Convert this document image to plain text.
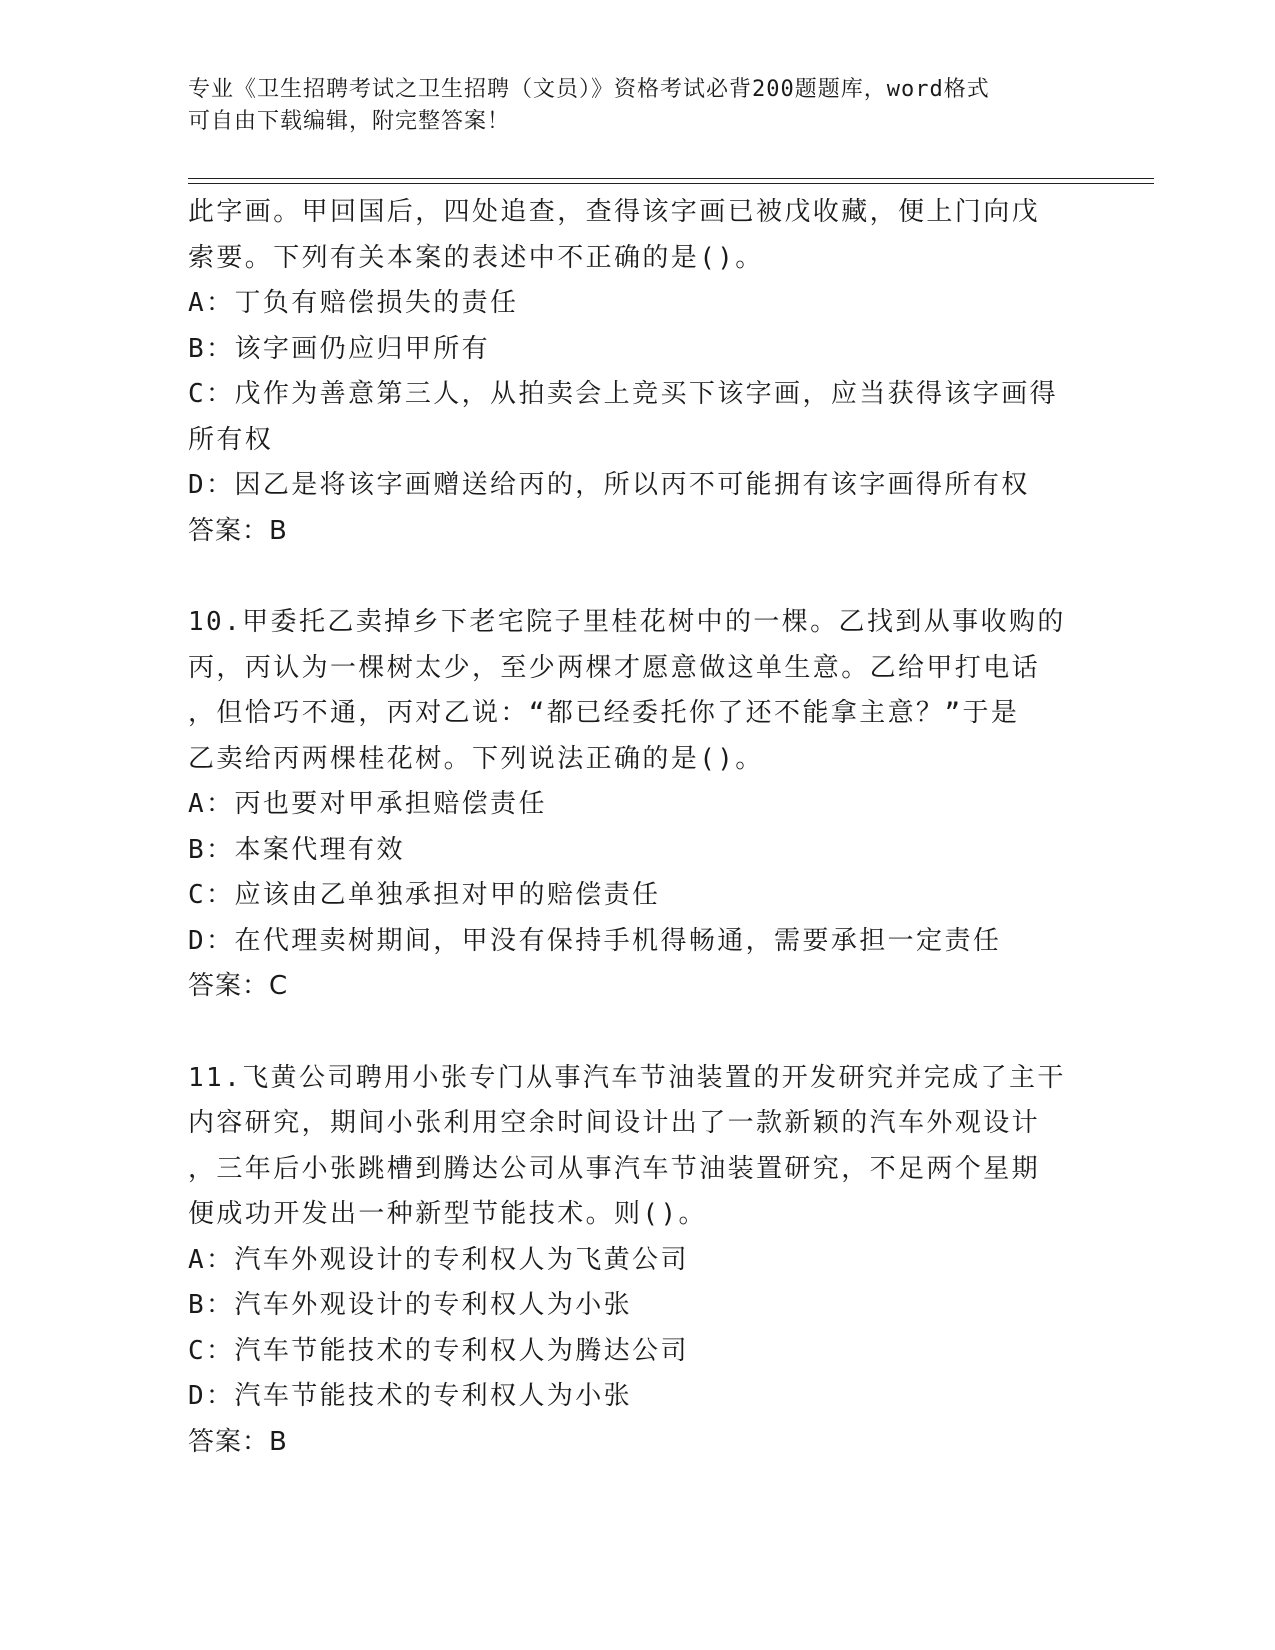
专业《卫生招聘考试之卫生招聘（文员）》资格考试必背200题题库，word格式
可自由下载编辑，附完整答案！
此字画。甲回国后，四处追查，查得该字画已被戊收藏，便上门向戊
索要。下列有关本案的表述中不正确的是()。
A：丁负有赔偿损失的责任
B：该字画仍应归甲所有
C：戊作为善意第三人，从拍卖会上竞买下该字画，应当获得该字画得
所有权
D：因乙是将该字画赠送给丙的，所以丙不可能拥有该字画得所有权
答案：B
10.甲委托乙卖掉乡下老宅院子里桂花树中的一棵。乙找到从事收购的
丙，丙认为一棵树太少，至少两棵才愿意做这单生意。乙给甲打电话
，但恰巧不通，丙对乙说：“都已经委托你了还不能拿主意？”于是
乙卖给丙两棵桂花树。下列说法正确的是()。
A：丙也要对甲承担赔偿责任
B：本案代理有效
C：应该由乙单独承担对甲的赔偿责任
D：在代理卖树期间，甲没有保持手机得畅通，需要承担一定责任
答案：C
11.飞黄公司聘用小张专门从事汽车节油装置的开发研究并完成了主干
内容研究，期间小张利用空余时间设计出了一款新颖的汽车外观设计
，三年后小张跳槽到腾达公司从事汽车节油装置研究，不足两个星期
便成功开发出一种新型节能技术。则()。
A：汽车外观设计的专利权人为飞黄公司
B：汽车外观设计的专利权人为小张
C：汽车节能技术的专利权人为腾达公司
D：汽车节能技术的专利权人为小张
答案：B
